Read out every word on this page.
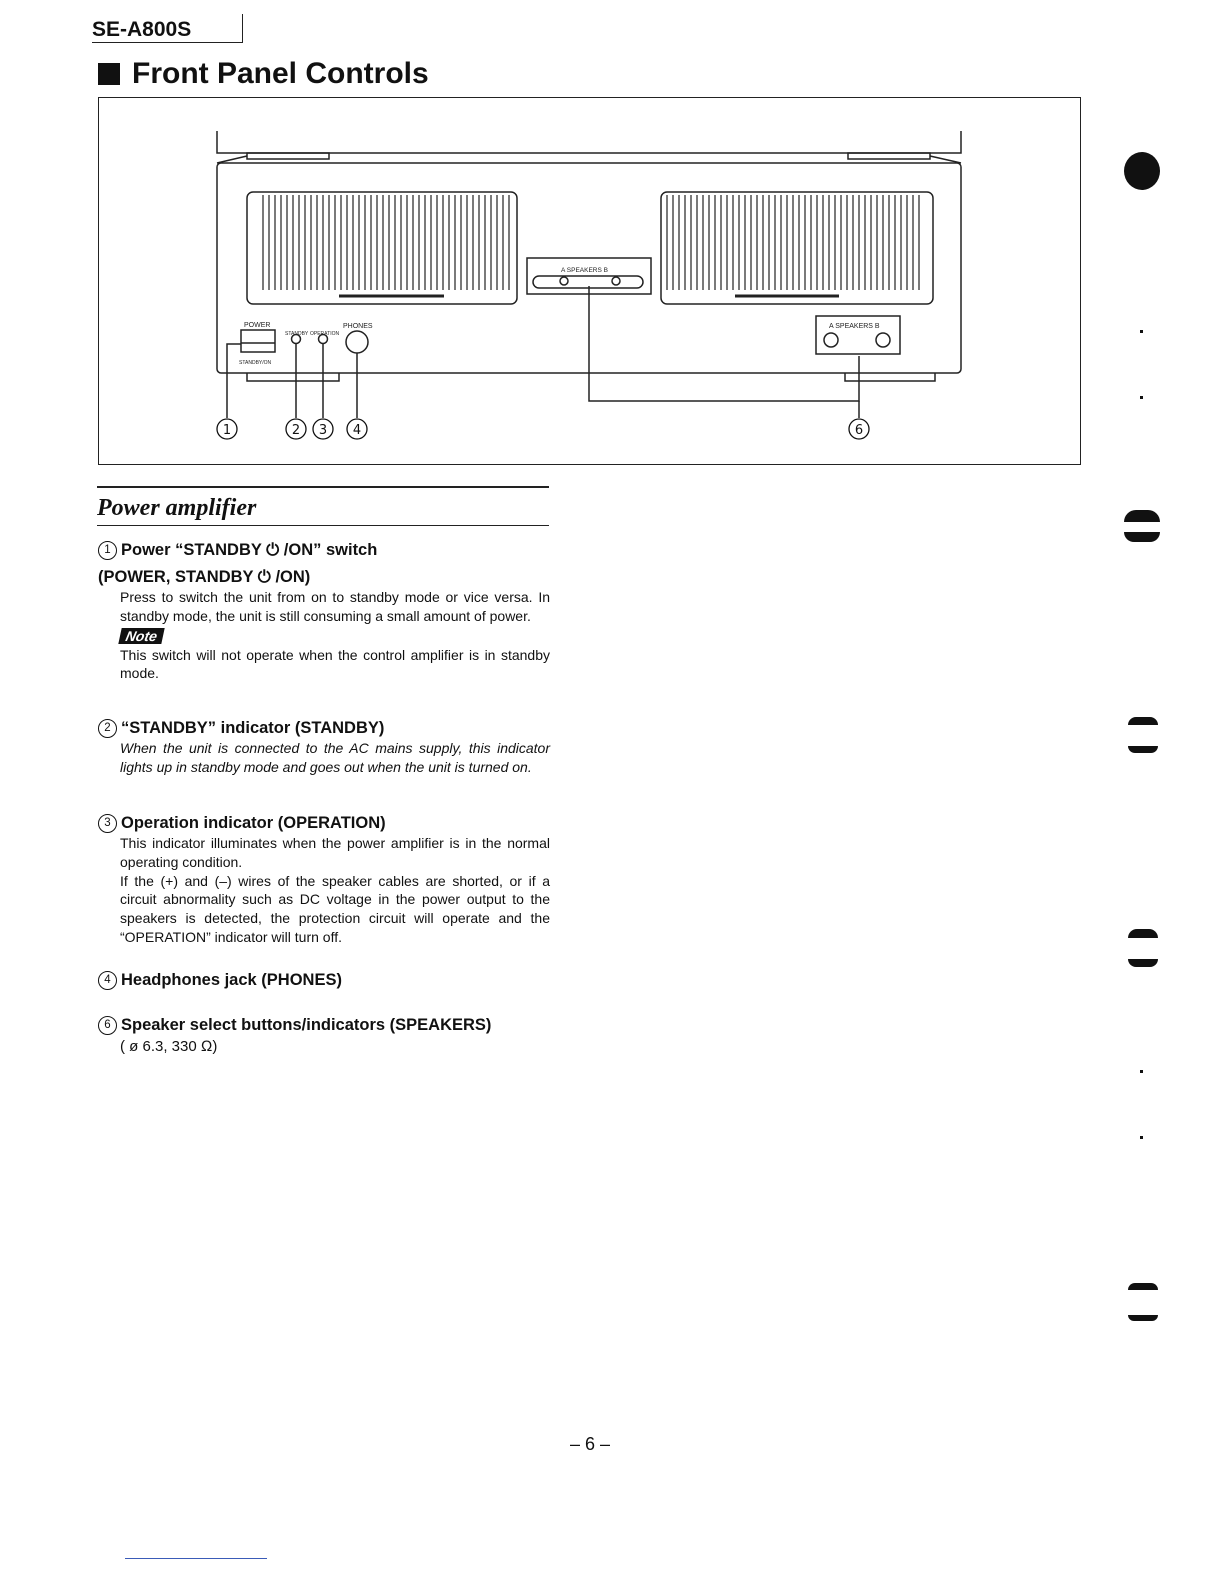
SE-A800S
Front Panel Controls
POWER
STANDBY/ON
STANDBY OPERATION
PHONES
A SPEAKERS B
A SPEAKERS B
1	2 3 4	6
Power amplifier
1 Power “STANDBY ⏻ /ON” switch
(POWER, STANDBY ⏻ /ON)
Press to switch the unit from on to standby mode or vice versa. In standby mode, the unit is still consuming a small amount of power.
Note
This switch will not operate when the control amplifier is in standby mode.
2 “STANDBY” indicator (STANDBY)
When the unit is connected to the AC mains supply, this indicator lights up in standby mode and goes out when the unit is turned on.
3 Operation indicator (OPERATION)
This indicator illuminates when the power amplifier is in the normal operating condition.
If the (+) and (–) wires of the speaker cables are shorted, or if a circuit abnormality such as DC voltage in the power output to the speakers is detected, the protection circuit will operate and the “OPERATION” indicator will turn off.
4 Headphones jack (PHONES)
6 Speaker select buttons/indicators (SPEAKERS)
( ø 6.3, 330 Ω)
– 6 –
